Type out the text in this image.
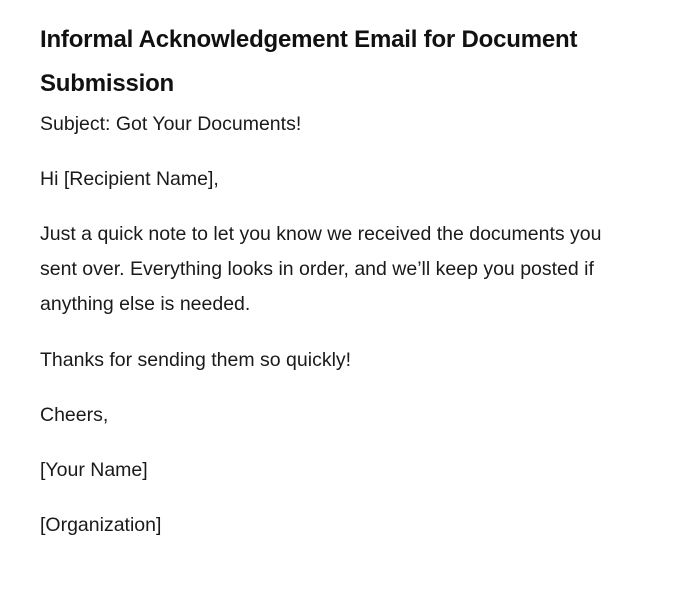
Informal Acknowledgement Email for Document Submission

Subject: Got Your Documents!

Hi [Recipient Name],

Just a quick note to let you know we received the documents you sent over. Everything looks in order, and we’ll keep you posted if anything else is needed.

Thanks for sending them so quickly!

Cheers,

[Your Name]

[Organization]
